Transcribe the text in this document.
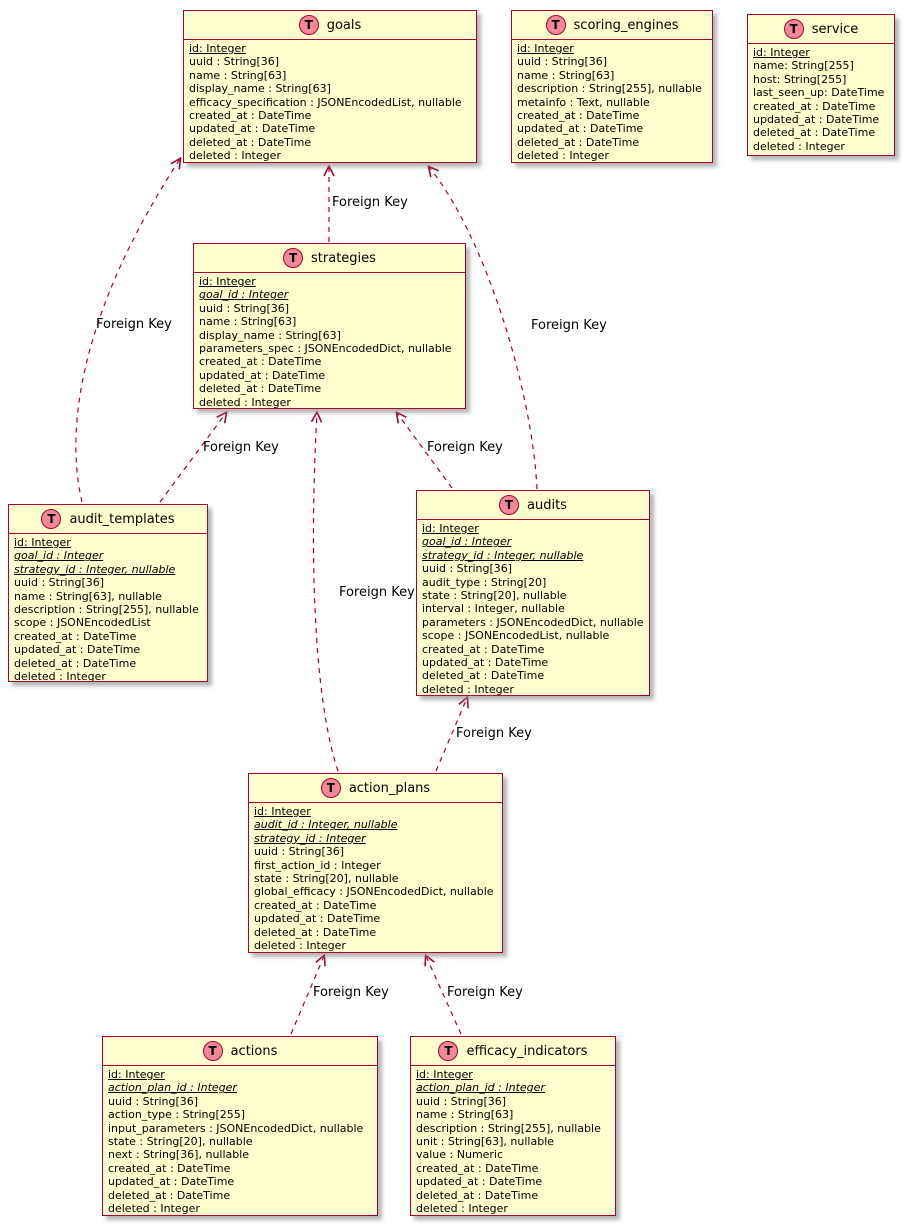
Foreign Key
Foreign Key	Foreign Key
Foreign Key	Foreign Key
Foreign Key
Foreign Key
Foreign Key	Foreign Key
T	goals
id: Integer
uuid : String[36]
name : String[63]
display_name : String[63]
efficacy_specification : JSONEncodedList, nullable
created_at : DateTime
updated_at : DateTime
deleted_at : DateTime
deleted : Integer
T	scoring_engines
id: Integer
uuid : String[36]
name : String[63]
description : String[255], nullable
metainfo : Text, nullable
created_at : DateTime
updated_at : DateTime
deleted_at : DateTime
deleted : Integer
T	service
id: Integer
name: String[255]
host: String[255]
last_seen_up: DateTime
created_at : DateTime
updated_at : DateTime
deleted_at : DateTime
deleted : Integer
T	strategies
id: Integer
goal_id : Integer
uuid : String[36]
name : String[63]
display_name : String[63]
parameters_spec : JSONEncodedDict, nullable
created_at : DateTime
updated_at : DateTime
deleted_at : DateTime
deleted : Integer
T	audit_templates
id: Integer
goal_id : Integer
strategy_id : Integer, nullable
uuid : String[36]
name : String[63], nullable
description : String[255], nullable
scope : JSONEncodedList
created_at : DateTime
updated_at : DateTime
deleted_at : DateTime
deleted : Integer
T	audits
id: Integer
goal_id : Integer
strategy_id : Integer, nullable
uuid : String[36]
audit_type : String[20]
state : String[20], nullable
interval : Integer, nullable
parameters : JSONEncodedDict, nullable
scope : JSONEncodedList, nullable
created_at : DateTime
updated_at : DateTime
deleted_at : DateTime
deleted : Integer
T	action_plans
id: Integer
audit_id : Integer, nullable
strategy_id : Integer
uuid : String[36]
first_action_id : Integer
state : String[20], nullable
global_efficacy : JSONEncodedDict, nullable
created_at : DateTime
updated_at : DateTime
deleted_at : DateTime
deleted : Integer
T	actions
id: Integer
action_plan_id : Integer
uuid : String[36]
action_type : String[255]
input_parameters : JSONEncodedDict, nullable
state : String[20], nullable
next : String[36], nullable
created_at : DateTime
updated_at : DateTime
deleted_at : DateTime
deleted : Integer
T	efficacy_indicators
id: Integer
action_plan_id : Integer
uuid : String[36]
name : String[63]
description : String[255], nullable
unit : String[63], nullable
value : Numeric
created_at : DateTime
updated_at : DateTime
deleted_at : DateTime
deleted : Integer
